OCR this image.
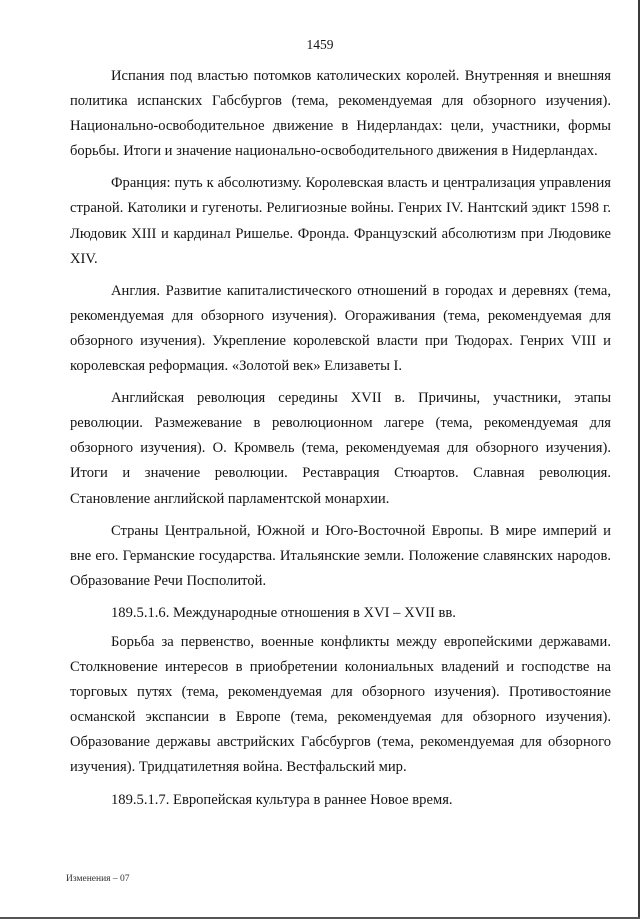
1459

Испания под властью потомков католических королей. Внутренняя и внешняя политика испанских Габсбургов (тема, рекомендуемая для обзорного изучения). Национально-освободительное движение в Нидерландах: цели, участники, формы борьбы. Итоги и значение национально-освободительного движения в Нидерландах.

Франция: путь к абсолютизму. Королевская власть и централизация управления страной. Католики и гугеноты. Религиозные войны. Генрих IV. Нантский эдикт 1598 г. Людовик XIII и кардинал Ришелье. Фронда. Французский абсолютизм при Людовике XIV.

Англия. Развитие капиталистического отношений в городах и деревнях (тема, рекомендуемая для обзорного изучения). Огораживания (тема, рекомендуемая для обзорного изучения). Укрепление королевской власти при Тюдорах. Генрих VIII и королевская реформация. «Золотой век» Елизаветы I.

Английская революция середины XVII в. Причины, участники, этапы революции. Размежевание в революционном лагере (тема, рекомендуемая для обзорного изучения). О. Кромвель (тема, рекомендуемая для обзорного изучения). Итоги и значение революции. Реставрация Стюартов. Славная революция. Становление английской парламентской монархии.

Страны Центральной, Южной и Юго-Восточной Европы. В мире империй и вне его. Германские государства. Итальянские земли. Положение славянских народов. Образование Речи Посполитой.

189.5.1.6. Международные отношения в XVI – XVII вв.

Борьба за первенство, военные конфликты между европейскими державами. Столкновение интересов в приобретении колониальных владений и господстве на торговых путях (тема, рекомендуемая для обзорного изучения). Противостояние османской экспансии в Европе (тема, рекомендуемая для обзорного изучения). Образование державы австрийских Габсбургов (тема, рекомендуемая для обзорного изучения). Тридцатилетняя война. Вестфальский мир.

189.5.1.7. Европейская культура в раннее Новое время.

Изменения – 07
